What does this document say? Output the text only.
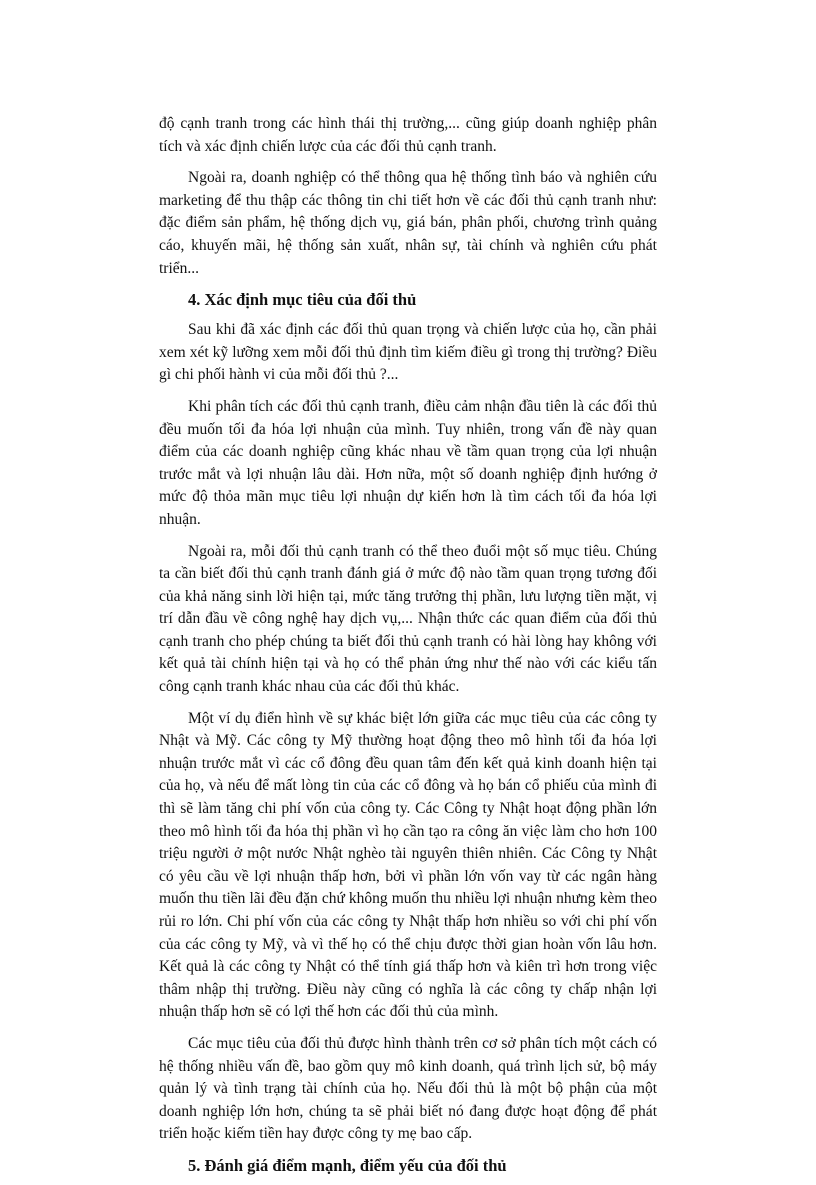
độ cạnh tranh trong các hình thái thị trường,... cũng giúp doanh nghiệp phân tích và xác định chiến lược của các đối thủ cạnh tranh.

Ngoài ra, doanh nghiệp có thể thông qua hệ thống tình báo và nghiên cứu marketing để thu thập các thông tin chi tiết hơn về các đối thủ cạnh tranh như: đặc điểm sản phẩm, hệ thống dịch vụ, giá bán, phân phối, chương trình quảng cáo, khuyến mãi, hệ thống sản xuất, nhân sự, tài chính và nghiên cứu phát triển...

4. Xác định mục tiêu của đối thủ

Sau khi đã xác định các đối thủ quan trọng và chiến lược của họ, cần phải xem xét kỹ lưỡng xem mỗi đối thủ định tìm kiếm điều gì trong thị trường? Điều gì chi phối hành vi của mỗi đối thủ ?...

Khi phân tích các đối thủ cạnh tranh, điều cảm nhận đầu tiên là các đối thủ đều muốn tối đa hóa lợi nhuận của mình. Tuy nhiên, trong vấn đề này quan điểm của các doanh nghiệp cũng khác nhau về tầm quan trọng của lợi nhuận trước mắt và lợi nhuận lâu dài. Hơn nữa, một số doanh nghiệp định hướng ở mức độ thỏa mãn mục tiêu lợi nhuận dự kiến hơn là tìm cách tối đa hóa lợi nhuận.

Ngoài ra, mỗi đối thủ cạnh tranh có thể theo đuổi một số mục tiêu. Chúng ta cần biết đối thủ cạnh tranh đánh giá ở mức độ nào tầm quan trọng tương đối của khả năng sinh lời hiện tại, mức tăng trưởng thị phần, lưu lượng tiền mặt, vị trí dẫn đầu về công nghệ hay dịch vụ,... Nhận thức các quan điểm của đối thủ cạnh tranh cho phép chúng ta biết đối thủ cạnh tranh có hài lòng hay không với kết quả tài chính hiện tại và họ có thể phản ứng như thế nào với các kiểu tấn công cạnh tranh khác nhau của các đối thủ khác.

Một ví dụ điển hình về sự khác biệt lớn giữa các mục tiêu của các công ty Nhật và Mỹ. Các công ty Mỹ thường hoạt động theo mô hình tối đa hóa lợi nhuận trước mắt vì các cổ đông đều quan tâm đến kết quả kinh doanh hiện tại của họ, và nếu để mất lòng tin của các cổ đông và họ bán cổ phiếu của mình đi thì sẽ làm tăng chi phí vốn của công ty. Các Công ty Nhật hoạt động phần lớn theo mô hình tối đa hóa thị phần vì họ cần tạo ra công ăn việc làm cho hơn 100 triệu người ở một nước Nhật nghèo tài nguyên thiên nhiên. Các Công ty Nhật có yêu cầu về lợi nhuận thấp hơn, bởi vì phần lớn vốn vay từ các ngân hàng muốn thu tiền lãi đều đặn chứ không muốn thu nhiều lợi nhuận nhưng kèm theo rủi ro lớn. Chi phí vốn của các công ty Nhật thấp hơn nhiều so với chi phí vốn của các công ty Mỹ, và vì thế họ có thể chịu được thời gian hoàn vốn lâu hơn. Kết quả là các công ty Nhật có thể tính giá thấp hơn và kiên trì hơn trong việc thâm nhập thị trường. Điều này cũng có nghĩa là các công ty chấp nhận lợi nhuận thấp hơn sẽ có lợi thế hơn các đối thủ của mình.

Các mục tiêu của đối thủ được hình thành trên cơ sở phân tích một cách có hệ thống nhiều vấn đề, bao gồm quy mô kinh doanh, quá trình lịch sử, bộ máy quản lý và tình trạng tài chính của họ. Nếu đối thủ là một bộ phận của một doanh nghiệp lớn hơn, chúng ta sẽ phải biết nó đang được hoạt động để phát triển hoặc kiếm tiền hay được công ty mẹ bao cấp.

5. Đánh giá điểm mạnh, điểm yếu của đối thủ
